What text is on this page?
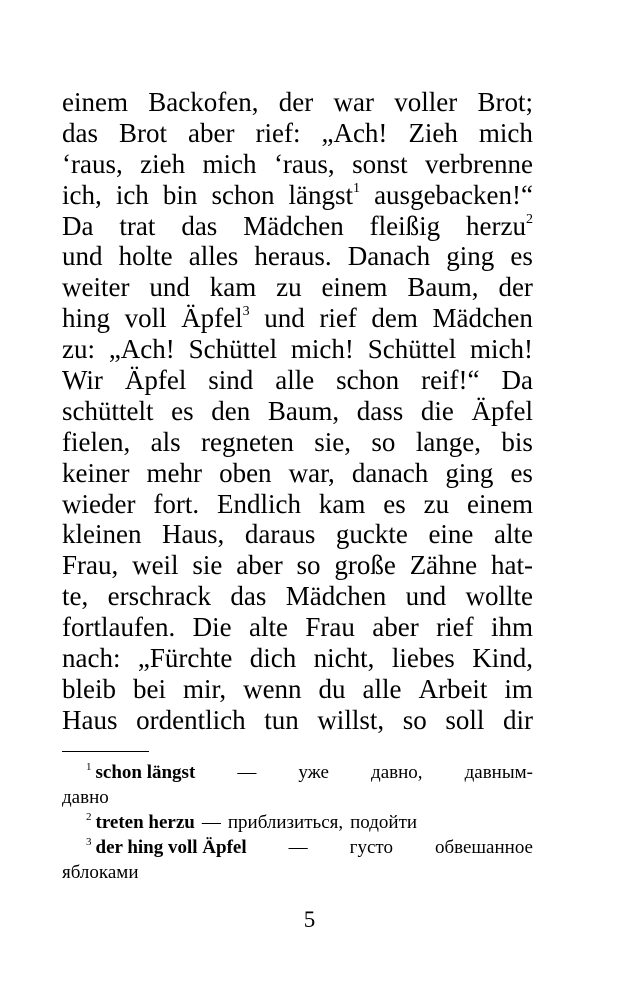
einem Backofen, der war voller Brot;
das Brot aber rief: „Ach! Zieh mich
‘raus, zieh mich ‘raus, sonst verbrenne
ich, ich bin schon längst$^1$ ausgebacken!“
Da trat das Mädchen fleißig herzu$^2$
und holte alles heraus. Danach ging es
weiter und kam zu einem Baum, der
hing voll Äpfel$^3$ und rief dem Mädchen
zu: „Ach! Schüttel mich! Schüttel mich!
Wir Äpfel sind alle schon reif!“ Da
schüttelt es den Baum, dass die Äpfel
fielen, als regneten sie, so lange, bis
keiner mehr oben war, danach ging es
wieder fort. Endlich kam es zu einem
kleinen Haus, daraus guckte eine alte
Frau, weil sie aber so große Zähne hat-
te, erschrack das Mädchen und wollte
fortlaufen. Die alte Frau aber rief ihm
nach: „Fürchte dich nicht, liebes Kind,
bleib bei mir, wenn du alle Arbeit im
Haus ordentlich tun willst, so soll dir
$^1$ schon längst — уже давно, давным-
давно
$^2$ treten herzu — приблизиться, подойти
$^3$ der hing voll Äpfel — густо обвешанное
яблоками
5
